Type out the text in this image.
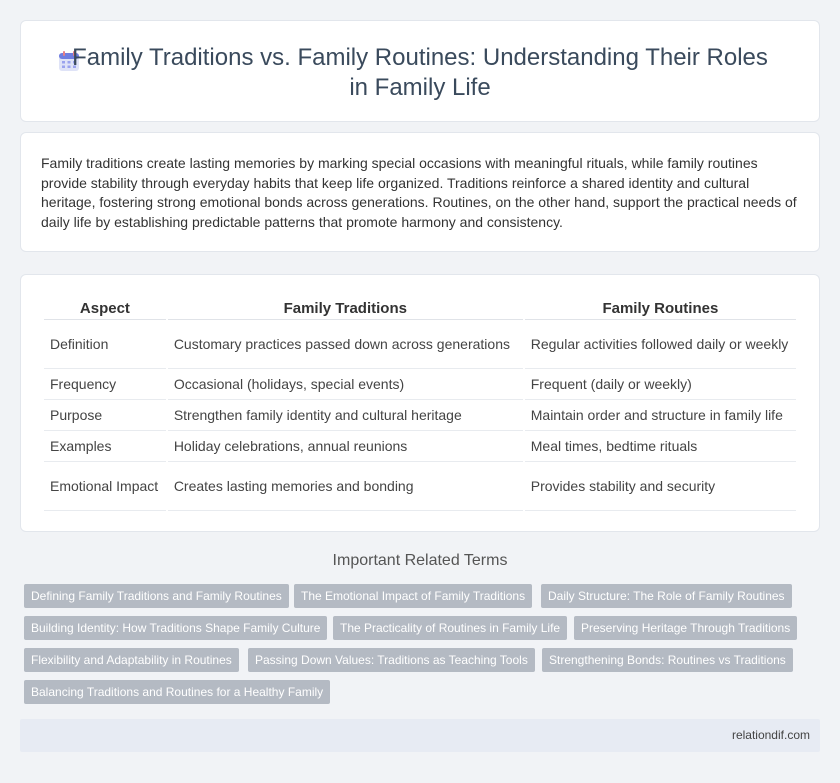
Family Traditions vs. Family Routines: Understanding Their Roles in Family Life
Family traditions create lasting memories by marking special occasions with meaningful rituals, while family routines provide stability through everyday habits that keep life organized. Traditions reinforce a shared identity and cultural heritage, fostering strong emotional bonds across generations. Routines, on the other hand, support the practical needs of daily life by establishing predictable patterns that promote harmony and consistency.
Aspect	Family Traditions	Family Routines
Definition	Customary practices passed down across generations	Regular activities followed daily or weekly
Frequency	Occasional (holidays, special events)	Frequent (daily or weekly)
Purpose	Strengthen family identity and cultural heritage	Maintain order and structure in family life
Examples	Holiday celebrations, annual reunions	Meal times, bedtime rituals
Emotional Impact	Creates lasting memories and bonding	Provides stability and security
Important Related Terms
Defining Family Traditions and Family Routines	The Emotional Impact of Family Traditions	Daily Structure: The Role of Family Routines
Building Identity: How Traditions Shape Family Culture	The Practicality of Routines in Family Life	Preserving Heritage Through Traditions
Flexibility and Adaptability in Routines	Passing Down Values: Traditions as Teaching Tools	Strengthening Bonds: Routines vs Traditions
Balancing Traditions and Routines for a Healthy Family
relationdif.com
